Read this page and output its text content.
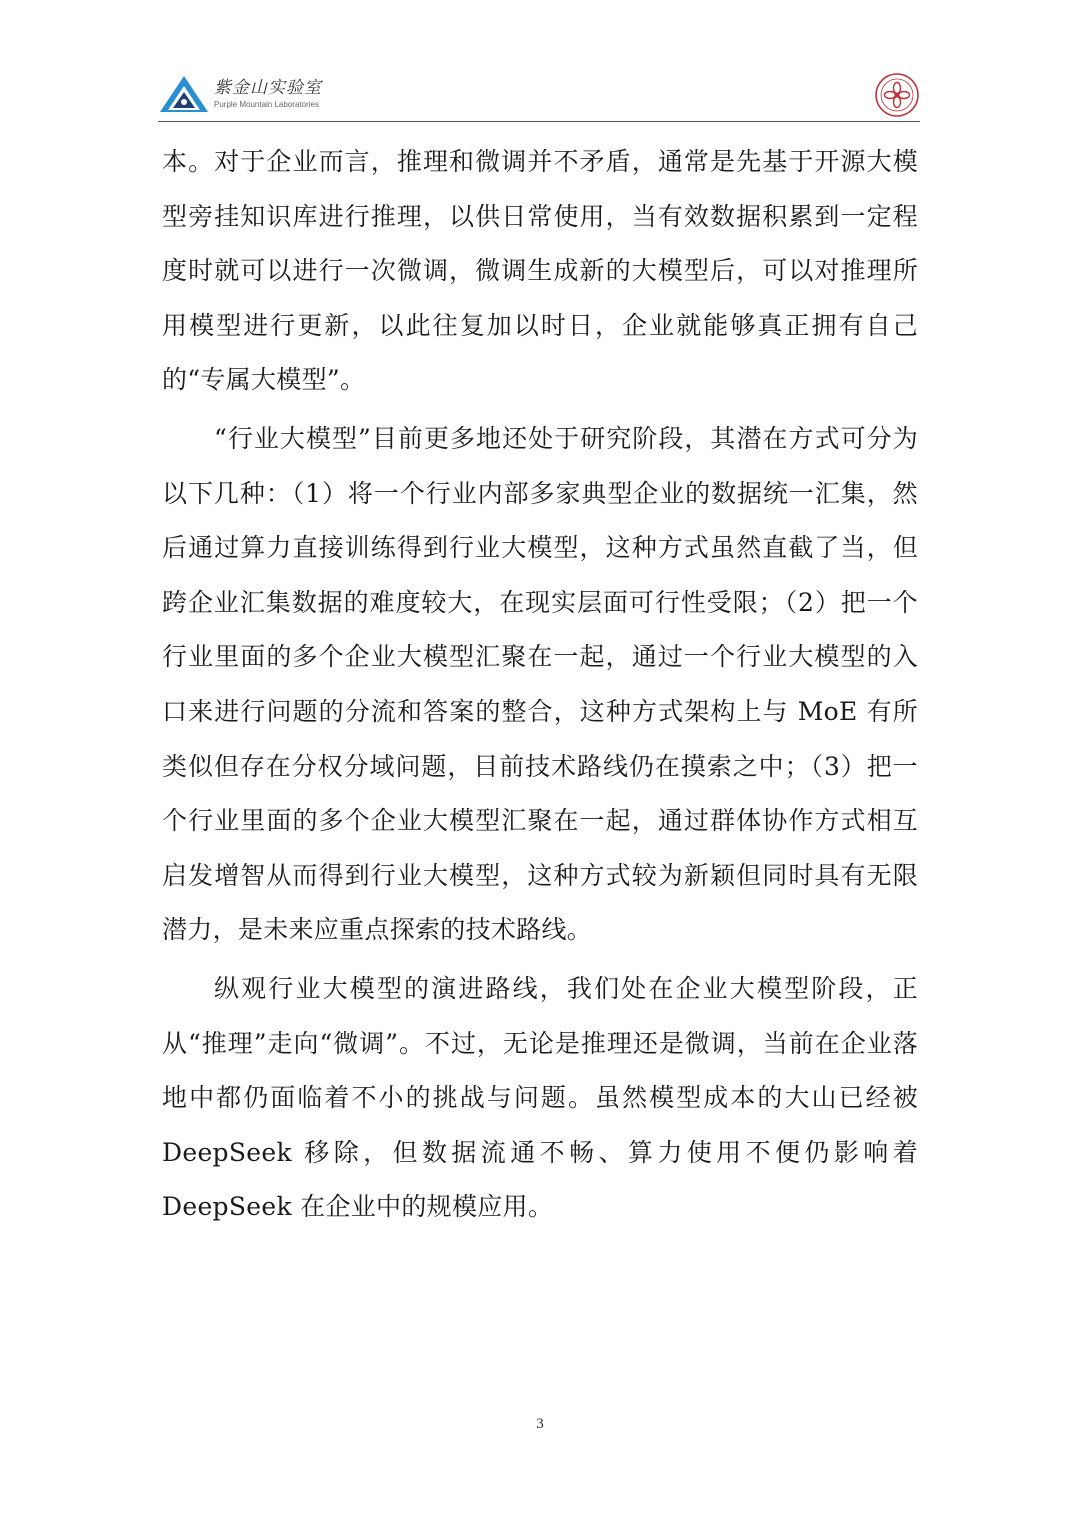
紫金山实验室
Purple Mountain Laboratories

本。对于企业而言，推理和微调并不矛盾，通常是先基于开源大模型旁挂知识库进行推理，以供日常使用，当有效数据积累到一定程度时就可以进行一次微调，微调生成新的大模型后，可以对推理所用模型进行更新，以此往复加以时日，企业就能够真正拥有自己的“专属大模型”。

“行业大模型”目前更多地还处于研究阶段，其潜在方式可分为以下几种：（1）将一个行业内部多家典型企业的数据统一汇集，然后通过算力直接训练得到行业大模型，这种方式虽然直截了当，但跨企业汇集数据的难度较大，在现实层面可行性受限；（2）把一个行业里面的多个企业大模型汇聚在一起，通过一个行业大模型的入口来进行问题的分流和答案的整合，这种方式架构上与 MoE 有所类似但存在分权分域问题，目前技术路线仍在摸索之中；（3）把一个行业里面的多个企业大模型汇聚在一起，通过群体协作方式相互启发增智从而得到行业大模型，这种方式较为新颖但同时具有无限潜力，是未来应重点探索的技术路线。

纵观行业大模型的演进路线，我们处在企业大模型阶段，正从“推理”走向“微调”。不过，无论是推理还是微调，当前在企业落地中都仍面临着不小的挑战与问题。虽然模型成本的大山已经被 DeepSeek 移除，但数据流通不畅、算力使用不便仍影响着 DeepSeek 在企业中的规模应用。

3
